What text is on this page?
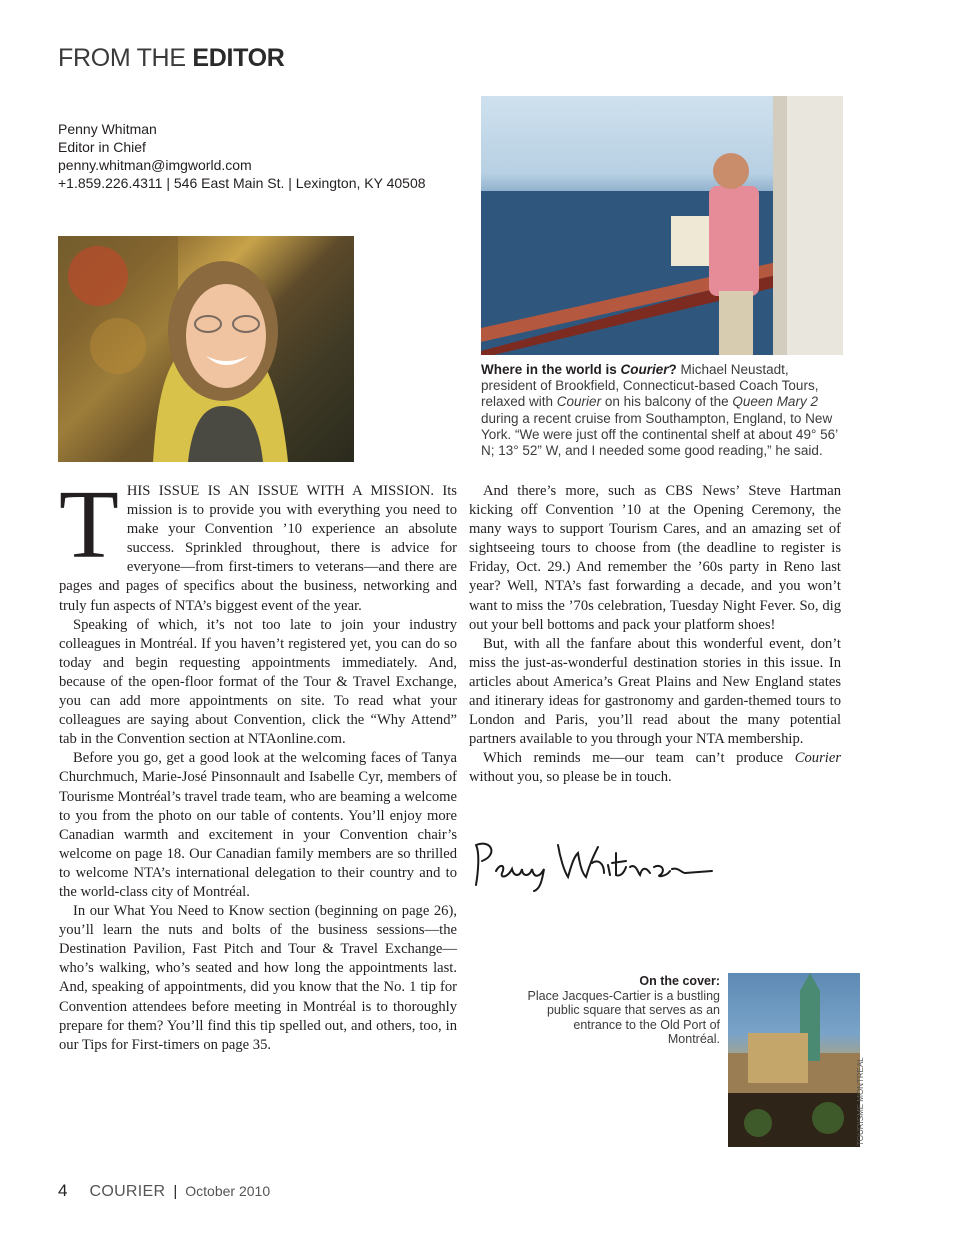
FROM THE EDITOR
Penny Whitman
Editor in Chief
penny.whitman@imgworld.com
+1.859.226.4311 | 546 East Main St. | Lexington, KY 40508
Where in the world is Courier? Michael Neustadt, president of Brookfield, Connecticut-based Coach Tours, relaxed with Courier on his balcony of the Queen Mary 2 during a recent cruise from Southampton, England, to New York. “We were just off the continental shelf at about 49° 56’ N; 13° 52” W, and I needed some good reading,” he said.

THIS ISSUE IS AN ISSUE WITH A MISSION. Its mission is to provide you with everything you need to make your Convention ’10 experience an absolute success. Sprinkled throughout, there is advice for everyone—from first-timers to veterans—and there are pages and pages of specifics about the business, networking and truly fun aspects of NTA’s biggest event of the year.

Speaking of which, it’s not too late to join your industry colleagues in Montréal. If you haven’t registered yet, you can do so today and begin requesting appointments immediately. And, because of the open-floor format of the Tour & Travel Exchange, you can add more appointments on site. To read what your colleagues are saying about Convention, click the “Why Attend” tab in the Convention section at NTAonline.com.

Before you go, get a good look at the welcoming faces of Tanya Churchmuch, Marie-José Pinsonnault and Isabelle Cyr, members of Tourisme Montréal’s travel trade team, who are beaming a welcome to you from the photo on our table of contents. You’ll enjoy more Canadian warmth and excitement in your Convention chair’s welcome on page 18. Our Canadian family members are so thrilled to welcome NTA’s international delegation to their country and to the world-class city of Montréal.

In our What You Need to Know section (beginning on page 26), you’ll learn the nuts and bolts of the business sessions—the Destination Pavilion, Fast Pitch and Tour & Travel Exchange—who’s walking, who’s seated and how long the appointments last. And, speaking of appointments, did you know that the No. 1 tip for Convention attendees before meeting in Montréal is to thoroughly prepare for them? You’ll find this tip spelled out, and others, too, in our Tips for First-timers on page 35.

And there’s more, such as CBS News’ Steve Hartman kicking off Convention ’10 at the Opening Ceremony, the many ways to support Tourism Cares, and an amazing set of sightseeing tours to choose from (the deadline to register is Friday, Oct. 29.) And remember the ’60s party in Reno last year? Well, NTA’s fast forwarding a decade, and you won’t want to miss the ’70s celebration, Tuesday Night Fever. So, dig out your bell bottoms and pack your platform shoes!

But, with all the fanfare about this wonderful event, don’t miss the just-as-wonderful destination stories in this issue. In articles about America’s Great Plains and New England states and itinerary ideas for gastronomy and garden-themed tours to London and Paris, you’ll read about the many potential partners available to you through your NTA membership.

Which reminds me—our team can’t produce Courier without you, so please be in touch.

On the cover:
Place Jacques-Cartier is a bustling public square that serves as an entrance to the Old Port of Montréal.
TOURISME MONTREAL
4 COURIER | October 2010
